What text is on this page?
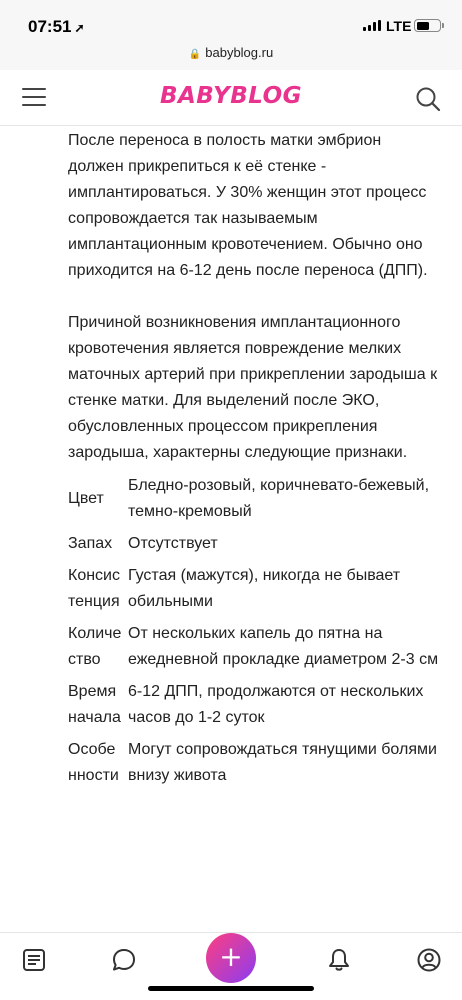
07:51 ➚	LTE
🔒 babyblog.ru
BABYBLOG

После переноса в полость матки эмбрион должен прикрепиться к её стенке - имплантироваться. У 30% женщин этот процесс сопровождается так называемым имплантационным кровотечением. Обычно оно приходится на 6-12 день после переноса (ДПП).

Причиной возникновения имплантационного кровотечения является повреждение мелких маточных артерий при прикреплении зародыша к стенке матки. Для выделений после ЭКО, обусловленных процессом прикрепления зародыша, характерны следующие признаки.

Цвет	Бледно-розовый, коричневато-бежевый, темно-кремовый
Запах	Отсутствует
Консистенция	Густая (мажутся), никогда не бывает обильными
Количество	От нескольких капель до пятна на ежедневной прокладке диаметром 2-3 см
Время начала	6-12 ДПП, продолжаются от нескольких часов до 1-2 суток
Особенности	Могут сопровождаться тянущими болями внизу живота
+
